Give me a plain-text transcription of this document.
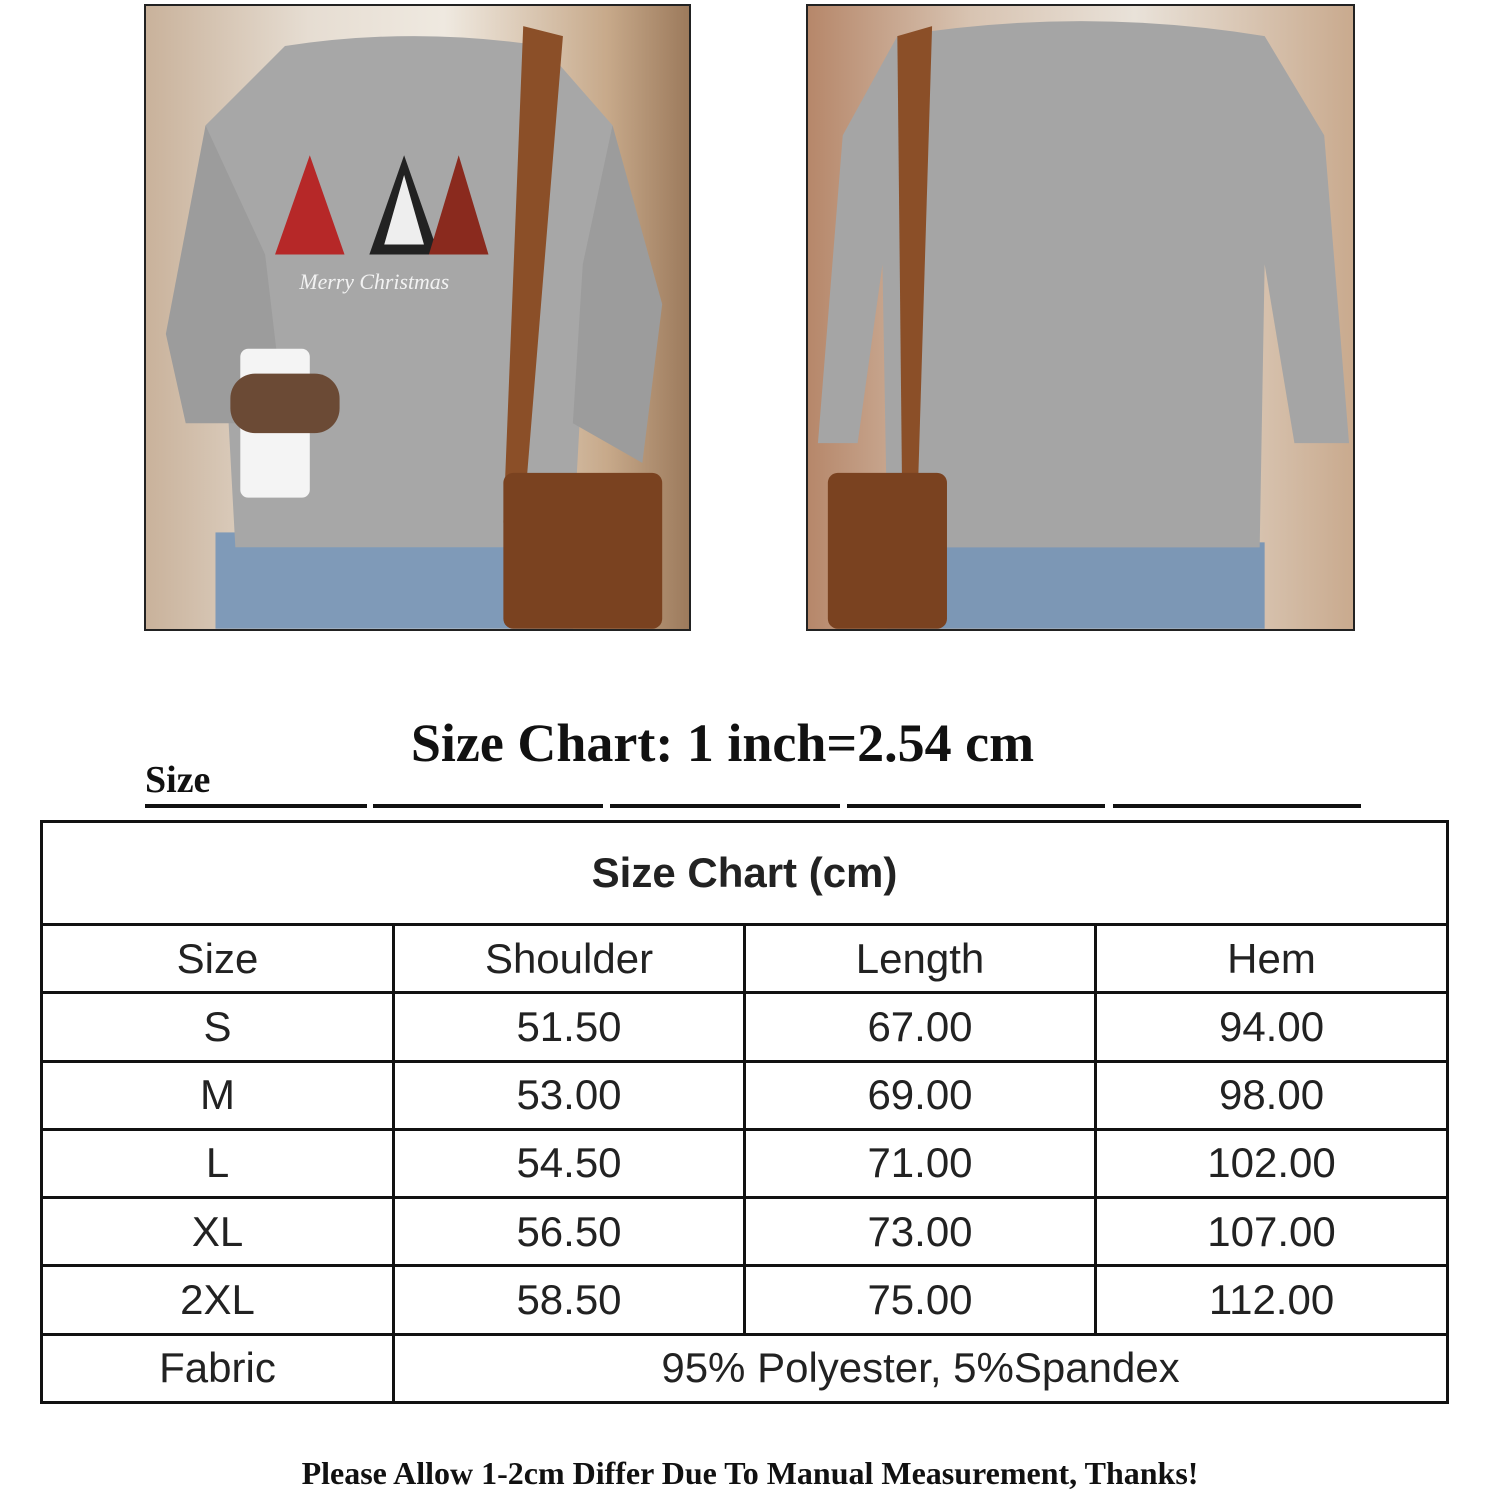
Merry Christmas
Size Chart: 1 inch=2.54 cm
Size
Size Chart (cm)			
Size	Shoulder	Length	Hem
S	51.50	67.00	94.00
M	53.00	69.00	98.00
L	54.50	71.00	102.00
XL	56.50	73.00	107.00
2XL	58.50	75.00	112.00
Fabric	95% Polyester, 5%Spandex		
Please Allow 1-2cm Differ Due To Manual Measurement, Thanks!
